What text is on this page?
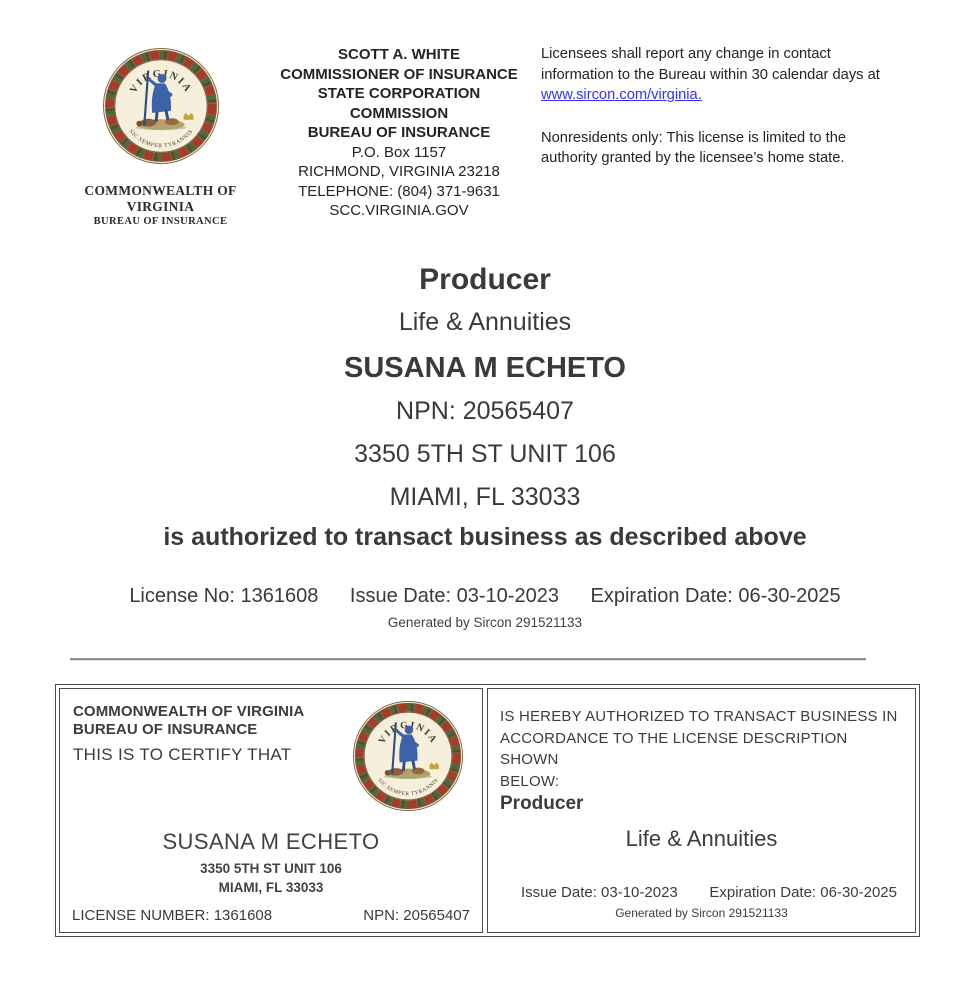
COMMONWEALTH OF
VIRGINIA
BUREAU OF INSURANCE
SCOTT A. WHITE
COMMISSIONER OF INSURANCE
STATE CORPORATION
COMMISSION
BUREAU OF INSURANCE
P.O. Box 1157
RICHMOND, VIRGINIA 23218
TELEPHONE: (804) 371-9631
SCC.VIRGINIA.GOV
Licensees shall report any change in contact
information to the Bureau within 30 calendar days at
www.sircon.com/virginia.
Nonresidents only: This license is limited to the
authority granted by the licensee’s home state.
Producer
Life & Annuities
SUSANA M ECHETO
NPN: 20565407
3350 5TH ST UNIT 106
MIAMI, FL 33033
is authorized to transact business as described above
License No: 1361608 Issue Date: 03-10-2023 Expiration Date: 06-30-2025
Generated by Sircon 291521133
COMMONWEALTH OF VIRGINIA
BUREAU OF INSURANCE
THIS IS TO CERTIFY THAT
SUSANA M ECHETO
3350 5TH ST UNIT 106
MIAMI, FL 33033
LICENSE NUMBER: 1361608	NPN: 20565407
IS HEREBY AUTHORIZED TO TRANSACT BUSINESS IN
ACCORDANCE TO THE LICENSE DESCRIPTION SHOWN
BELOW:
Producer
Life & Annuities
Issue Date: 03-10-2023 Expiration Date: 06-30-2025
Generated by Sircon 291521133
